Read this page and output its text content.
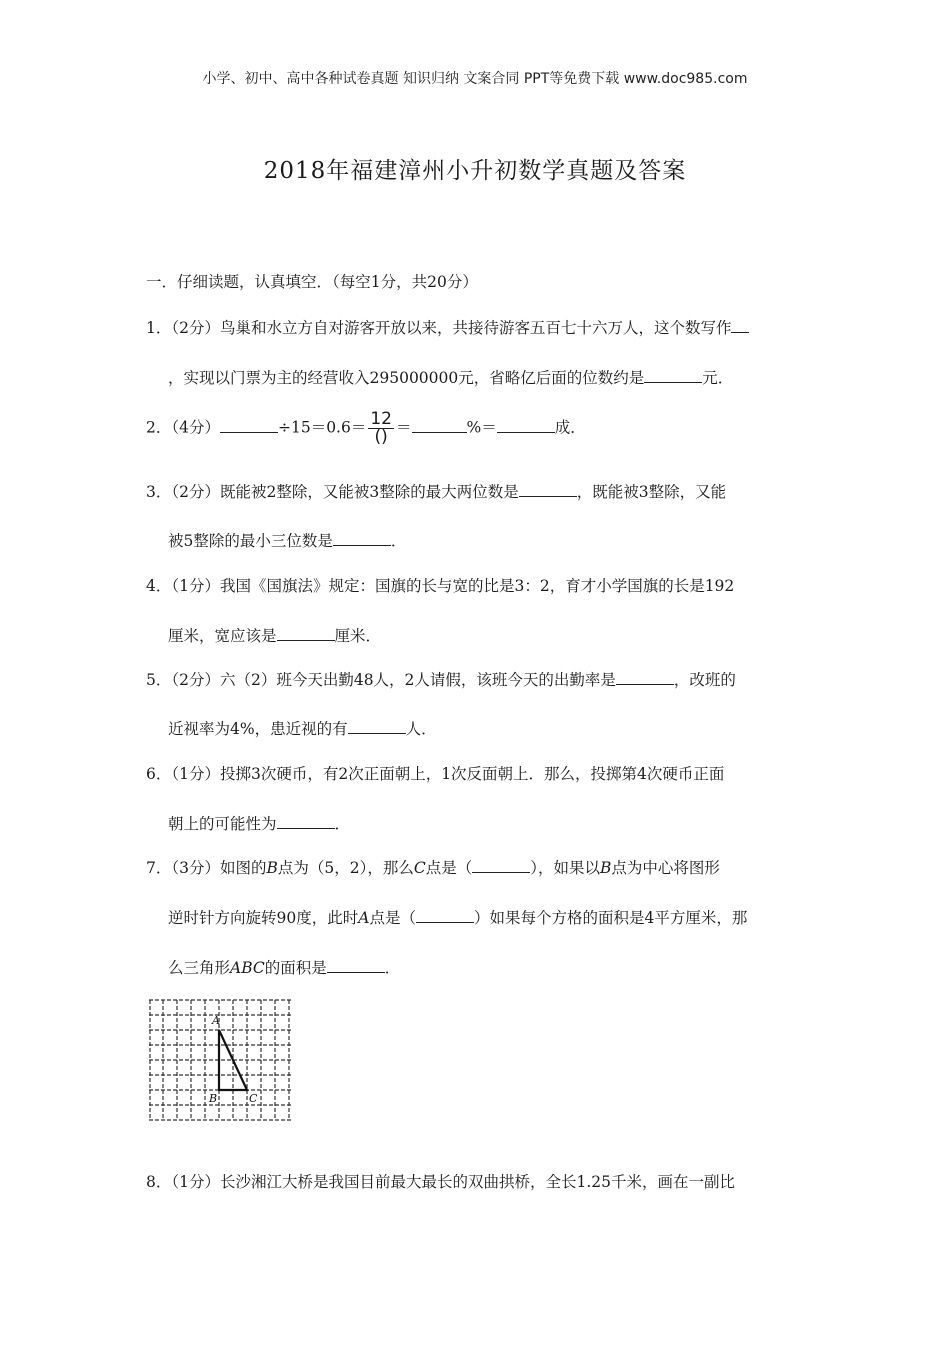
小学、初中、高中各种试卷真题 知识归纳 文案合同 PPT等免费下载 www.doc985.com
2018年福建漳州小升初数学真题及答案
一．仔细读题，认真填空．（每空1分，共20分）
1．（2分）鸟巢和水立方自对游客开放以来，共接待游客五百七十六万人，这个数写作
，实现以门票为主的经营收入295000000元，省略亿后面的位数约是	元．
2．（4分）	$\div 15=0.6= \frac{12}{()}$ ＝	%＝	成．
3．（2分）既能被2整除，又能被3整除的最大两位数是	，既能被3整除，又能
被5整除的最小三位数是	．
4．（1分）我国《国旗法》规定：国旗的长与宽的比是3：2，育才小学国旗的长是192
厘米，宽应该是	厘米．
5．（2分）六（2）班今天出勤48人，2人请假，该班今天的出勤率是	，改班的
近视率为4%，患近视的有	人．
6．（1分）投掷3次硬币，有2次正面朝上，1次反面朝上．那么，投掷第4次硬币正面
朝上的可能性为	．
7．（3分）如图的B点为（5，2），那么C点是（	），如果以B点为中心将图形
逆时针方向旋转90度，此时A点是（	）如果每个方格的面积是4平方厘米，那
么三角形ABC的面积是	．
A
B	C
8．（1分）长沙湘江大桥是我国目前最大最长的双曲拱桥，全长1.25千米，画在一副比
